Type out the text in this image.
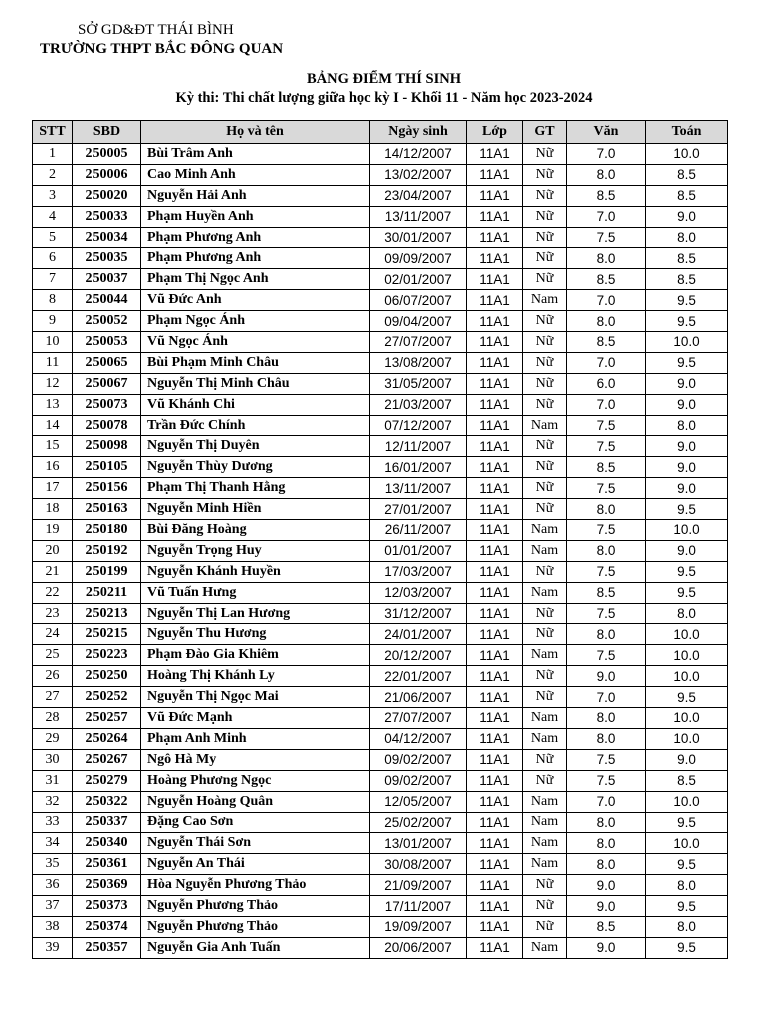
SỞ GD&ĐT THÁI BÌNH
TRƯỜNG THPT BẮC ĐÔNG QUAN
BẢNG ĐIỂM THÍ SINH
Kỳ thi: Thi chất lượng giữa học kỳ I - Khối 11 - Năm học 2023-2024
STT	SBD	Họ và tên	Ngày sinh	Lớp	GT	Văn	Toán
1	250005	Bùi Trâm Anh	14/12/2007	11A1	Nữ	7.0	10.0
2	250006	Cao Minh Anh	13/02/2007	11A1	Nữ	8.0	8.5
3	250020	Nguyễn Hải Anh	23/04/2007	11A1	Nữ	8.5	8.5
4	250033	Phạm Huyền Anh	13/11/2007	11A1	Nữ	7.0	9.0
5	250034	Phạm Phương Anh	30/01/2007	11A1	Nữ	7.5	8.0
6	250035	Phạm Phương Anh	09/09/2007	11A1	Nữ	8.0	8.5
7	250037	Phạm Thị Ngọc Anh	02/01/2007	11A1	Nữ	8.5	8.5
8	250044	Vũ Đức Anh	06/07/2007	11A1	Nam	7.0	9.5
9	250052	Phạm Ngọc Ánh	09/04/2007	11A1	Nữ	8.0	9.5
10	250053	Vũ Ngọc Ánh	27/07/2007	11A1	Nữ	8.5	10.0
11	250065	Bùi Phạm Minh Châu	13/08/2007	11A1	Nữ	7.0	9.5
12	250067	Nguyễn Thị Minh Châu	31/05/2007	11A1	Nữ	6.0	9.0
13	250073	Vũ Khánh Chi	21/03/2007	11A1	Nữ	7.0	9.0
14	250078	Trần Đức Chính	07/12/2007	11A1	Nam	7.5	8.0
15	250098	Nguyễn Thị Duyên	12/11/2007	11A1	Nữ	7.5	9.0
16	250105	Nguyễn Thùy Dương	16/01/2007	11A1	Nữ	8.5	9.0
17	250156	Phạm Thị Thanh Hằng	13/11/2007	11A1	Nữ	7.5	9.0
18	250163	Nguyễn Minh Hiền	27/01/2007	11A1	Nữ	8.0	9.5
19	250180	Bùi Đăng Hoàng	26/11/2007	11A1	Nam	7.5	10.0
20	250192	Nguyễn Trọng Huy	01/01/2007	11A1	Nam	8.0	9.0
21	250199	Nguyễn Khánh Huyền	17/03/2007	11A1	Nữ	7.5	9.5
22	250211	Vũ Tuấn Hưng	12/03/2007	11A1	Nam	8.5	9.5
23	250213	Nguyễn Thị Lan Hương	31/12/2007	11A1	Nữ	7.5	8.0
24	250215	Nguyễn Thu Hương	24/01/2007	11A1	Nữ	8.0	10.0
25	250223	Phạm Đào Gia Khiêm	20/12/2007	11A1	Nam	7.5	10.0
26	250250	Hoàng Thị Khánh Ly	22/01/2007	11A1	Nữ	9.0	10.0
27	250252	Nguyễn Thị Ngọc Mai	21/06/2007	11A1	Nữ	7.0	9.5
28	250257	Vũ Đức Mạnh	27/07/2007	11A1	Nam	8.0	10.0
29	250264	Phạm Anh Minh	04/12/2007	11A1	Nam	8.0	10.0
30	250267	Ngô Hà My	09/02/2007	11A1	Nữ	7.5	9.0
31	250279	Hoàng Phương Ngọc	09/02/2007	11A1	Nữ	7.5	8.5
32	250322	Nguyễn Hoàng Quân	12/05/2007	11A1	Nam	7.0	10.0
33	250337	Đặng Cao Sơn	25/02/2007	11A1	Nam	8.0	9.5
34	250340	Nguyễn Thái Sơn	13/01/2007	11A1	Nam	8.0	10.0
35	250361	Nguyễn An Thái	30/08/2007	11A1	Nam	8.0	9.5
36	250369	Hòa Nguyễn Phương Thảo	21/09/2007	11A1	Nữ	9.0	8.0
37	250373	Nguyễn Phương Thảo	17/11/2007	11A1	Nữ	9.0	9.5
38	250374	Nguyễn Phương Thảo	19/09/2007	11A1	Nữ	8.5	8.0
39	250357	Nguyễn Gia Anh Tuấn	20/06/2007	11A1	Nam	9.0	9.5
